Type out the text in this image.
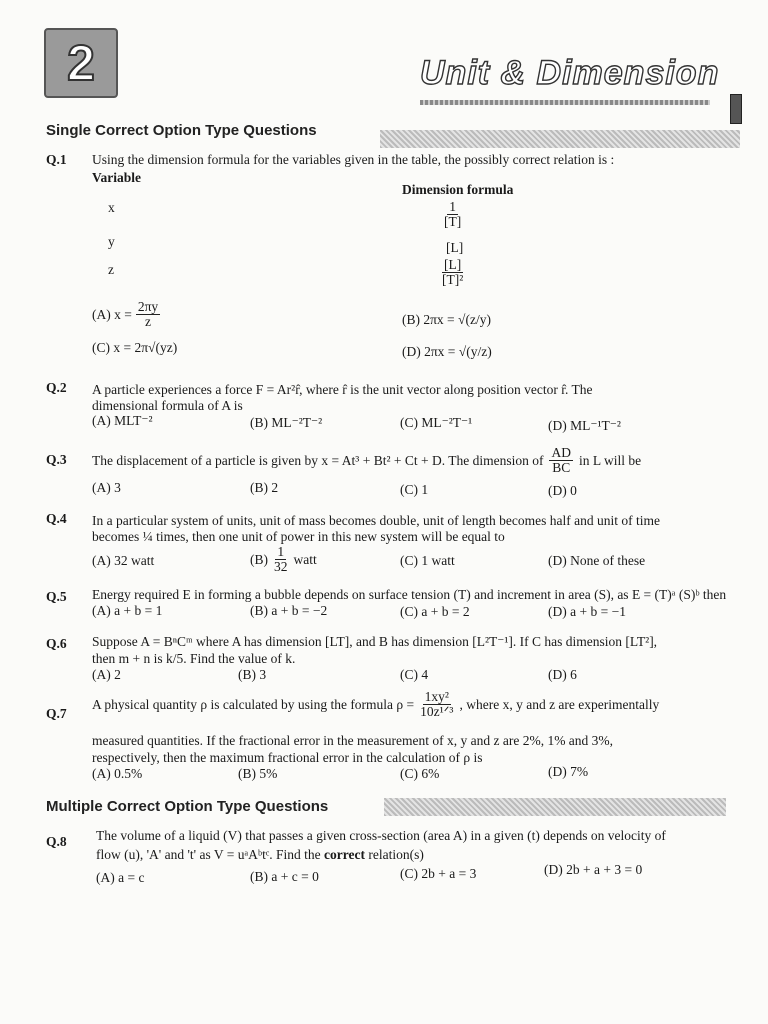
2	Unit & Dimension
Single Correct Option Type Questions
Q.1 Using the dimension formula for the variables given in the table, the possibly correct relation is :
Variable
Dimension formula
x	$\frac{1}{[T]}$
y	[L]
z	$\frac{[L]}{\text{[T]²}}$
(A) $x = \frac{2\pi y}{z}$	(B) 2πx = √(z/y)
(C) x = 2π√(yz)	(D) 2πx = √(y/z)
Q.2 A particle experiences a force F = Ar²r̂, where r̂ is the unit vector along position vector r̂. The
dimensional formula of A is
(A) MLT⁻²	(B) ML⁻²T⁻²	(C) ML⁻²T⁻¹	(D) ML⁻¹T⁻²
Q.3 The displacement of a particle is given by x = At³ + Bt² + Ct + D. The dimension of $\frac{AD}{BC}$ in L will be
(A) 3	(B) 2	(C) 1	(D) 0
Q.4 In a particular system of units, unit of mass becomes double, unit of length becomes half and unit of time
becomes ¼ times, then one unit of power in this new system will be equal to
(A) 32 watt	$(B) \frac{1}{32}$ watt	(C) 1 watt	(D) None of these
Q.5 Energy required E in forming a bubble depends on surface tension (T) and increment in area (S), as E = (T)ᵃ (S)ᵇ then
(A) a + b = 1	(B) a + b = −2	(C) a + b = 2	(D) a + b = −1
Q.6 Suppose A = BⁿCᵐ where A has dimension [LT], and B has dimension [L²T⁻¹]. If C has dimension [LT²],
then m + n is k/5. Find the value of k.
(A) 2	(B) 3	(C) 4	(D) 6
Q.7
A physical quantity ρ is calculated by using the formula $\rho = \frac{\text{1xy²}}{\text{10z¹ᐟ³}}$ , where x, y and z are experimentally
measured quantities. If the fractional error in the measurement of x, y and z are 2%, 1% and 3%,
respectively, then the maximum fractional error in the calculation of ρ is
(A) 0.5%	(B) 5%	(C) 6%	(D) 7%
Multiple Correct Option Type Questions
Q.8 The volume of a liquid (V) that passes a given cross-section (area A) in a given (t) depends on velocity of
flow (u), 'A' and 't' as V = uᵃAᵇtᶜ. Find the correct relation(s)
(A) a = c	(B) a + c = 0	(C) 2b + a = 3	(D) 2b + a + 3 = 0
